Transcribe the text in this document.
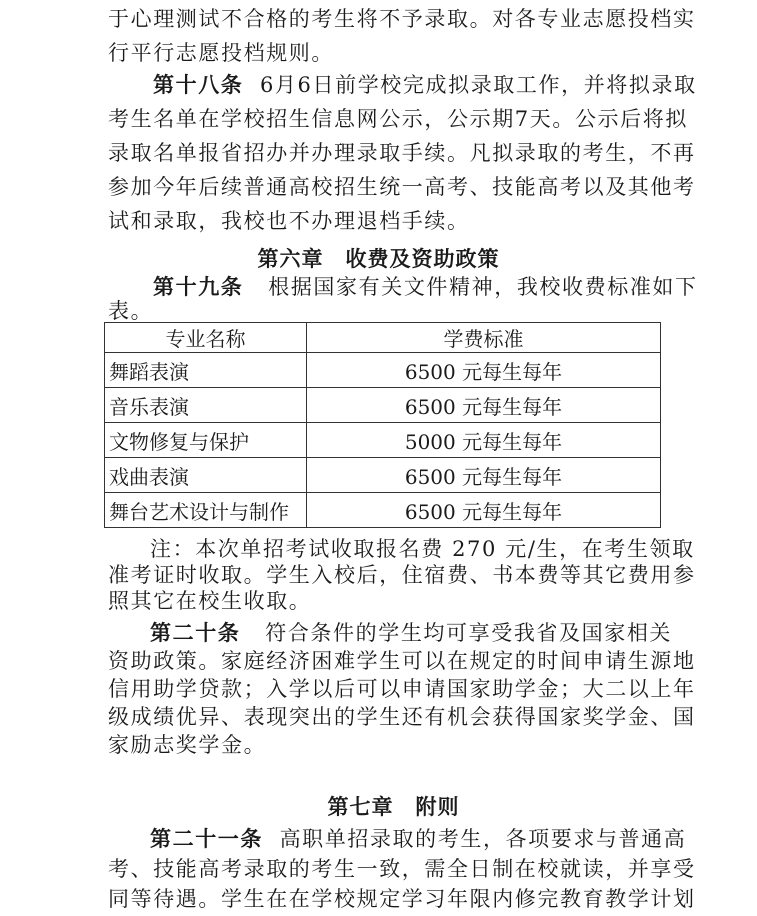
于心理测试不合格的考生将不予录取。对各专业志愿投档实
行平行志愿投档规则。
第十八条 6月6日前学校完成拟录取工作，并将拟录取
考生名单在学校招生信息网公示，公示期7天。公示后将拟
录取名单报省招办并办理录取手续。凡拟录取的考生，不再
参加今年后续普通高校招生统一高考、技能高考以及其他考
试和录取，我校也不办理退档手续。
第六章　收费及资助政策
第十九条 根据国家有关文件精神，我校收费标准如下
表。
专业名称	学费标准
舞蹈表演	6500 元每生每年
音乐表演	6500 元每生每年
文物修复与保护	5000 元每生每年
戏曲表演	6500 元每生每年
舞台艺术设计与制作	6500 元每生每年
注：本次单招考试收取报名费 270 元/生，在考生领取
准考证时收取。学生入校后，住宿费、书本费等其它费用参
照其它在校生收取。
第二十条 符合条件的学生均可享受我省及国家相关
资助政策。家庭经济困难学生可以在规定的时间申请生源地
信用助学贷款；入学以后可以申请国家助学金；大二以上年
级成绩优异、表现突出的学生还有机会获得国家奖学金、国
家励志奖学金。
第七章　附则
第二十一条 高职单招录取的考生，各项要求与普通高
考、技能高考录取的考生一致，需全日制在校就读，并享受
同等待遇。学生在在学校规定学习年限内修完教育教学计划
